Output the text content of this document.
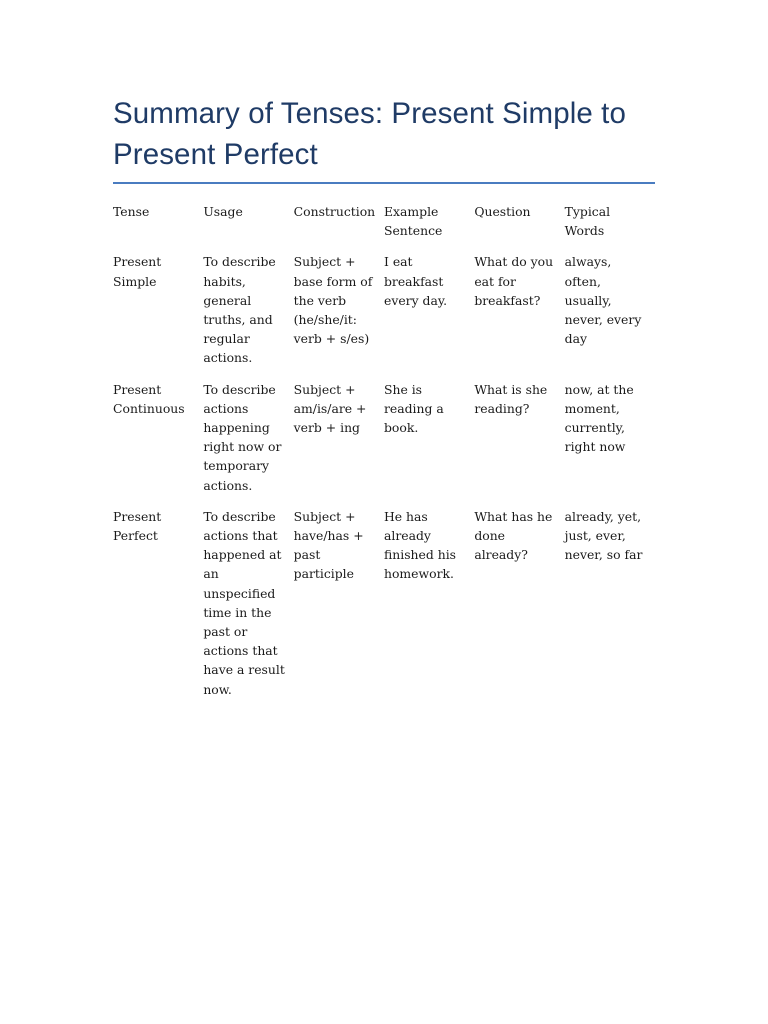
Summary of Tenses: Present Simple to Present Perfect
Tense	Usage	Construction	Example Sentence	Question	Typical Words
Present Simple	To describe habits, general truths, and regular actions.	Subject + base form of the verb (he/she/it: verb + s/es)	I eat breakfast every day.	What do you eat for breakfast?	always, often, usually, never, every day
Present Continuous	To describe actions happening right now or temporary actions.	Subject + am/is/are + verb + ing	She is reading a book.	What is she reading?	now, at the moment, currently, right now
Present Perfect	To describe actions that happened at an unspecified time in the past or actions that have a result now.	Subject + have/has + past participle	He has already finished his homework.	What has he done already?	already, yet, just, ever, never, so far
